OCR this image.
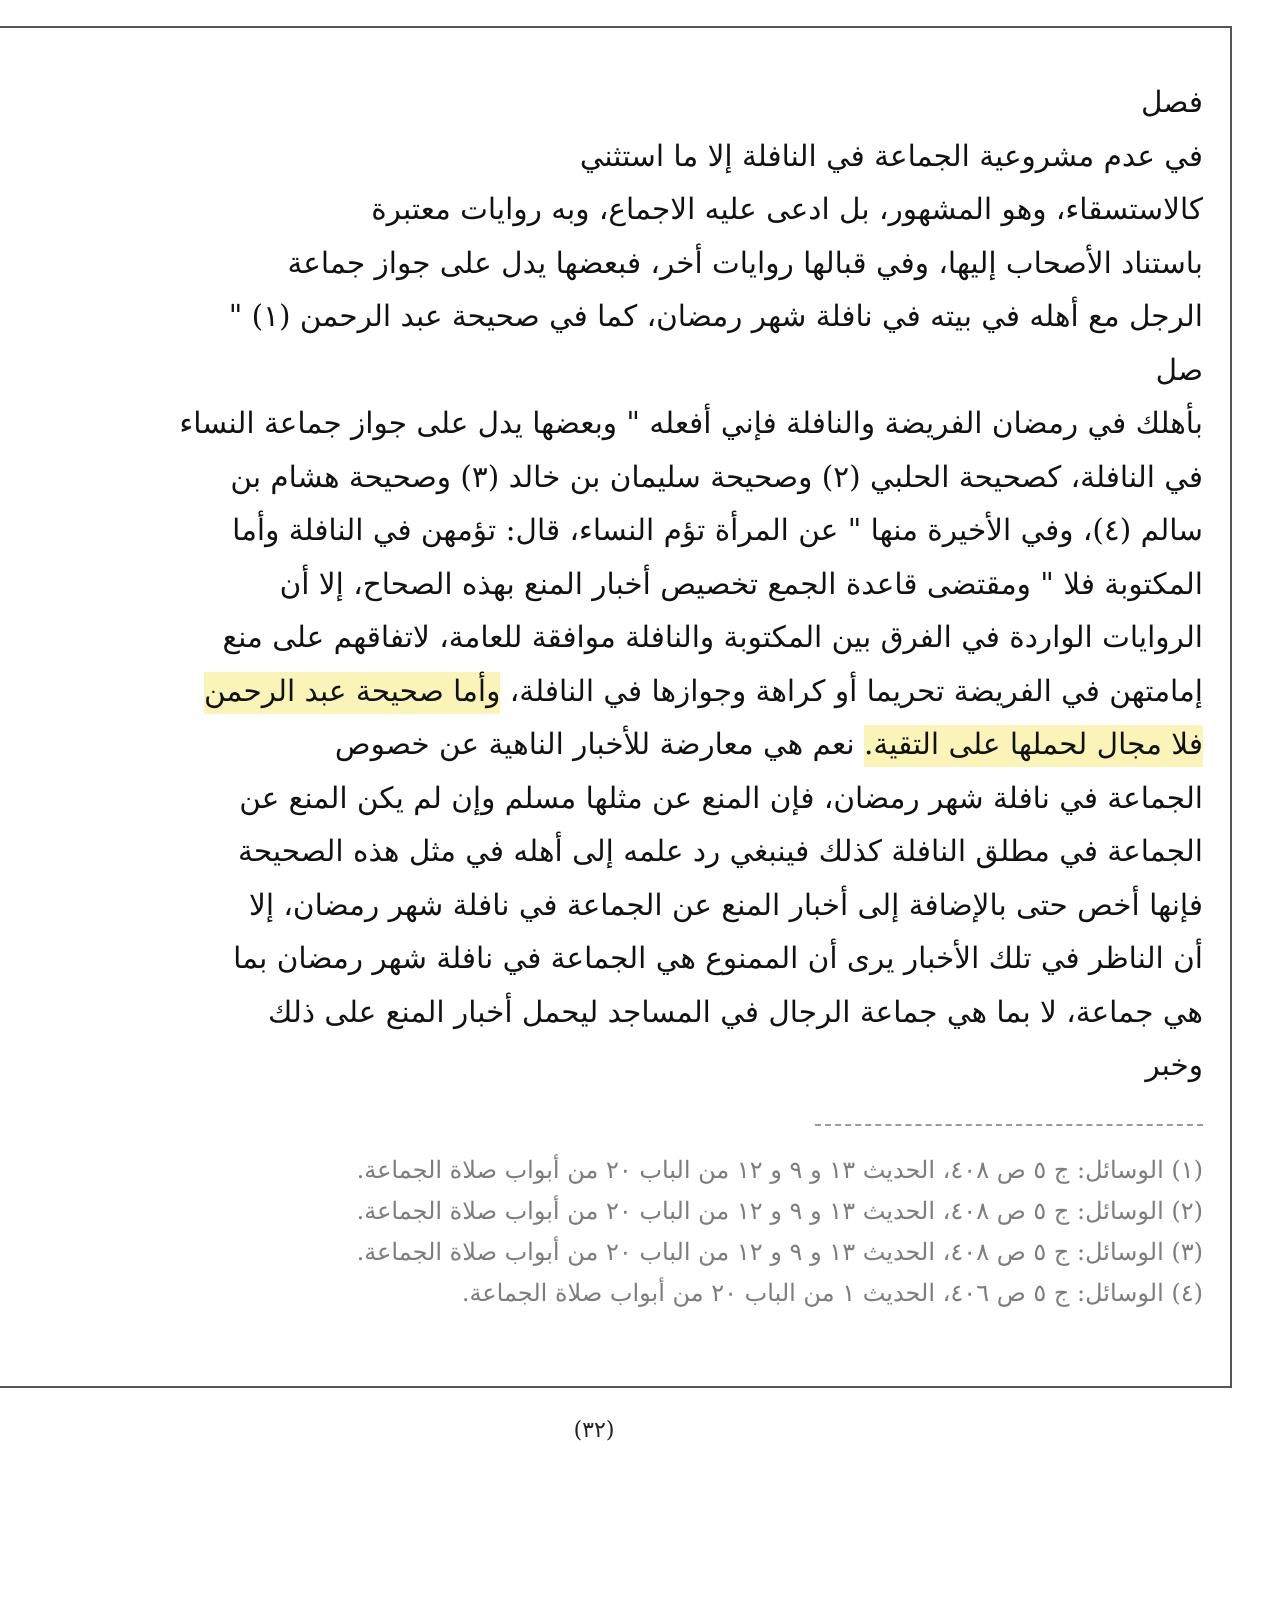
فصل
في عدم مشروعية الجماعة في النافلة إلا ما استثني
كالاستسقاء، وهو المشهور، بل ادعى عليه الاجماع، وبه روايات معتبرة
باستناد الأصحاب إليها، وفي قبالها روايات أخر، فبعضها يدل على جواز جماعة
الرجل مع أهله في بيته في نافلة شهر رمضان، كما في صحيحة عبد الرحمن (١) "
صل
بأهلك في رمضان الفريضة والنافلة فإني أفعله " وبعضها يدل على جواز جماعة النساء
في النافلة، كصحيحة الحلبي (٢) وصحيحة سليمان بن خالد (٣) وصحيحة هشام بن
سالم (٤)، وفي الأخيرة منها " عن المرأة تؤم النساء، قال: تؤمهن في النافلة وأما
المكتوبة فلا " ومقتضى قاعدة الجمع تخصيص أخبار المنع بهذه الصحاح، إلا أن
الروايات الواردة في الفرق بين المكتوبة والنافلة موافقة للعامة، لاتفاقهم على منع
إمامتهن في الفريضة تحريما أو كراهة وجوازها في النافلة، وأما صحيحة عبد الرحمن
فلا مجال لحملها على التقية. نعم هي معارضة للأخبار الناهية عن خصوص
الجماعة في نافلة شهر رمضان، فإن المنع عن مثلها مسلم وإن لم يكن المنع عن
الجماعة في مطلق النافلة كذلك فينبغي رد علمه إلى أهله في مثل هذه الصحيحة
فإنها أخص حتى بالإضافة إلى أخبار المنع عن الجماعة في نافلة شهر رمضان، إلا
أن الناظر في تلك الأخبار يرى أن الممنوع هي الجماعة في نافلة شهر رمضان بما
هي جماعة، لا بما هي جماعة الرجال في المساجد ليحمل أخبار المنع على ذلك
وخبر
(١) الوسائل: ج ٥ ص ٤٠٨، الحديث ١٣ و ٩ و ١٢ من الباب ٢٠ من أبواب صلاة الجماعة.
(٢) الوسائل: ج ٥ ص ٤٠٨، الحديث ١٣ و ٩ و ١٢ من الباب ٢٠ من أبواب صلاة الجماعة.
(٣) الوسائل: ج ٥ ص ٤٠٨، الحديث ١٣ و ٩ و ١٢ من الباب ٢٠ من أبواب صلاة الجماعة.
(٤) الوسائل: ج ٥ ص ٤٠٦، الحديث ١ من الباب ٢٠ من أبواب صلاة الجماعة.
(٣٢)
